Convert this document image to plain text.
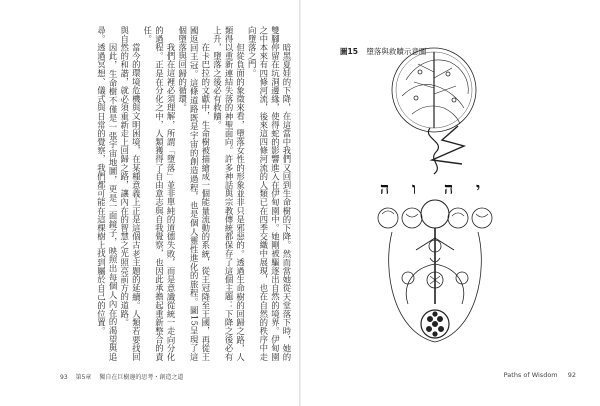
暗黑夏娃的下降，在這當中我們又回到生命樹的下降。然而當她從天堂落下時，她的雙腳停留在坑洞邊緣，使得蛇的影響進入在伊甸園中。她剛被驅逐出自然的境界。伊甸園之中本來有四條河流，後來這四條河流的人類已在四季交織中展現，也在自然的秩序中走向墮落之門。

但從負面的象徵來看，墮落女性的形象並非只是邪惡的。透過生命樹的回歸之路，人類得以重新連結失落的神聖面向。許多神話與宗教傳統都保存了這個主題：下降之後必有上升，墮落之後必有救贖。

在卡巴拉的文獻中，生命樹被描繪成一個能量流動的系統，從王冠降至王國，再從王國返回王冠。這條道路既是宇宙的創造過程，也是個人靈性進化的旅程。圖15呈現了這個墮落與回歸的循環。

我們在這裡必須理解，所謂「墮落」並非單純的道德失敗，而是意識從統一走向分化的過程。正是在分化之中，人類獲得了自由意志與自我覺察，也因此承擔起重新整合的責任。

當今的環境危機與文明困境，在某種意義上正是這個古老主題的延續。人類若要找回與自然的和諧，就必須重新走上回歸之路，讓內在的智慧之光照亮前方的道路。

因此，生命樹不僅是一張宇宙地圖，更是一面鏡子，映照出每個人內在的渴望與追尋。透過冥想、儀式與日常的覺察，我們都可能在這棵樹上找到屬於自己的位置。	圖15 墮落與救贖示意圖
ה ו ה י
93 第5章 獨自在巨樹邊的思考・創造之道	Paths of Wisdom 92
